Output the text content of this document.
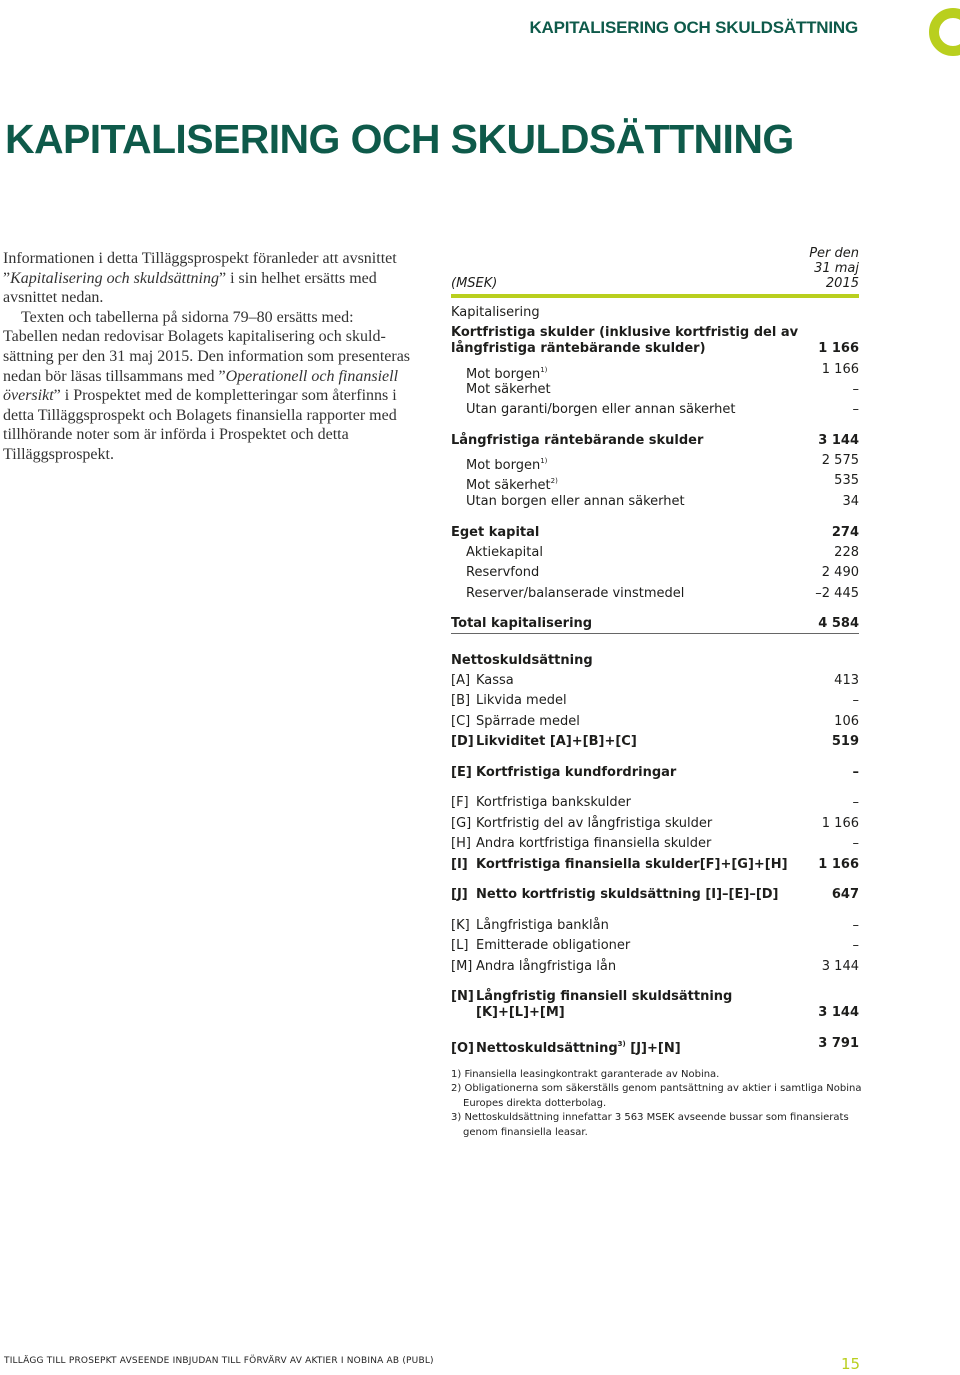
KAPITALISERING OCH SKULDSÄTTNING
KAPITALISERING OCH SKULDSÄTTNING

Informationen i detta Tilläggsprospekt föranleder att avsnittet ”Kapitalisering och skuldsättning” i sin helhet ersätts med avsnittet nedan.

Texten och tabellerna på sidorna 79–80 ersätts med:

Tabellen nedan redovisar Bolagets kapitalisering och skuldsättning per den 31 maj 2015. Den information som presenteras nedan bör läsas tillsammans med ”Operationell och finansiell översikt” i Prospektet med de kompletteringar som återfinns i detta Tilläggsprospekt och Bolagets finansiella rapporter med tillhörande noter som är införda i Prospektet och detta Tilläggsprospekt.

Per den
31 maj
2015
(MSEK)
Kapitalisering
Kortfristiga skulder (inklusive kortfristig del av
långfristiga räntebärande skulder)	1 166
Mot borgen$^{1)}$	1 166
Mot säkerhet	–
Utan garanti/borgen eller annan säkerhet	–
Långfristiga räntebärande skulder	3 144
Mot borgen$^{1)}$	2 575
Mot säkerhet$^{2)}$	535
Utan borgen eller annan säkerhet	34
Eget kapital	274
Aktiekapital	228
Reservfond	2 490
Reserver/balanserade vinstmedel	–2 445
Total kapitalisering	4 584
Nettoskuldsättning
[A] Kassa	413
[B] Likvida medel	–
[C] Spärrade medel	106
[D] Likviditet [A]+[B]+[C]	519
[E] Kortfristiga kundfordringar	–
[F] Kortfristiga bankskulder	–
[G] Kortfristig del av långfristiga skulder	1 166
[H] Andra kortfristiga finansiella skulder	–
[I] Kortfristiga finansiella skulder[F]+[G]+[H] 1 166
[J] Netto kortfristig skuldsättning [I]–[E]–[D]	647
[K] Långfristiga banklån	–
[L] Emitterade obligationer	–
[M] Andra långfristiga lån	3 144
[N] Långfristig finansiell skuldsättning
[K]+[L]+[M]	3 144
[O] Nettoskuldsättning$^{3)}$ [J]+[N]	3 791

1) Finansiella leasingkontrakt garanterade av Nobina.

2) Obligationerna som säkerställs genom pantsättning av aktier i samtliga Nobina

Europes direkta dotterbolag.

3) Nettoskuldsättning innefattar 3 563 MSEK avseende bussar som finansierats

genom finansiella leasar.

TILLÄGG TILL PROSEPKT AVSEENDE INBJUDAN TILL FÖRVÄRV AV AKTIER I NOBINA AB (PUBL)	15
